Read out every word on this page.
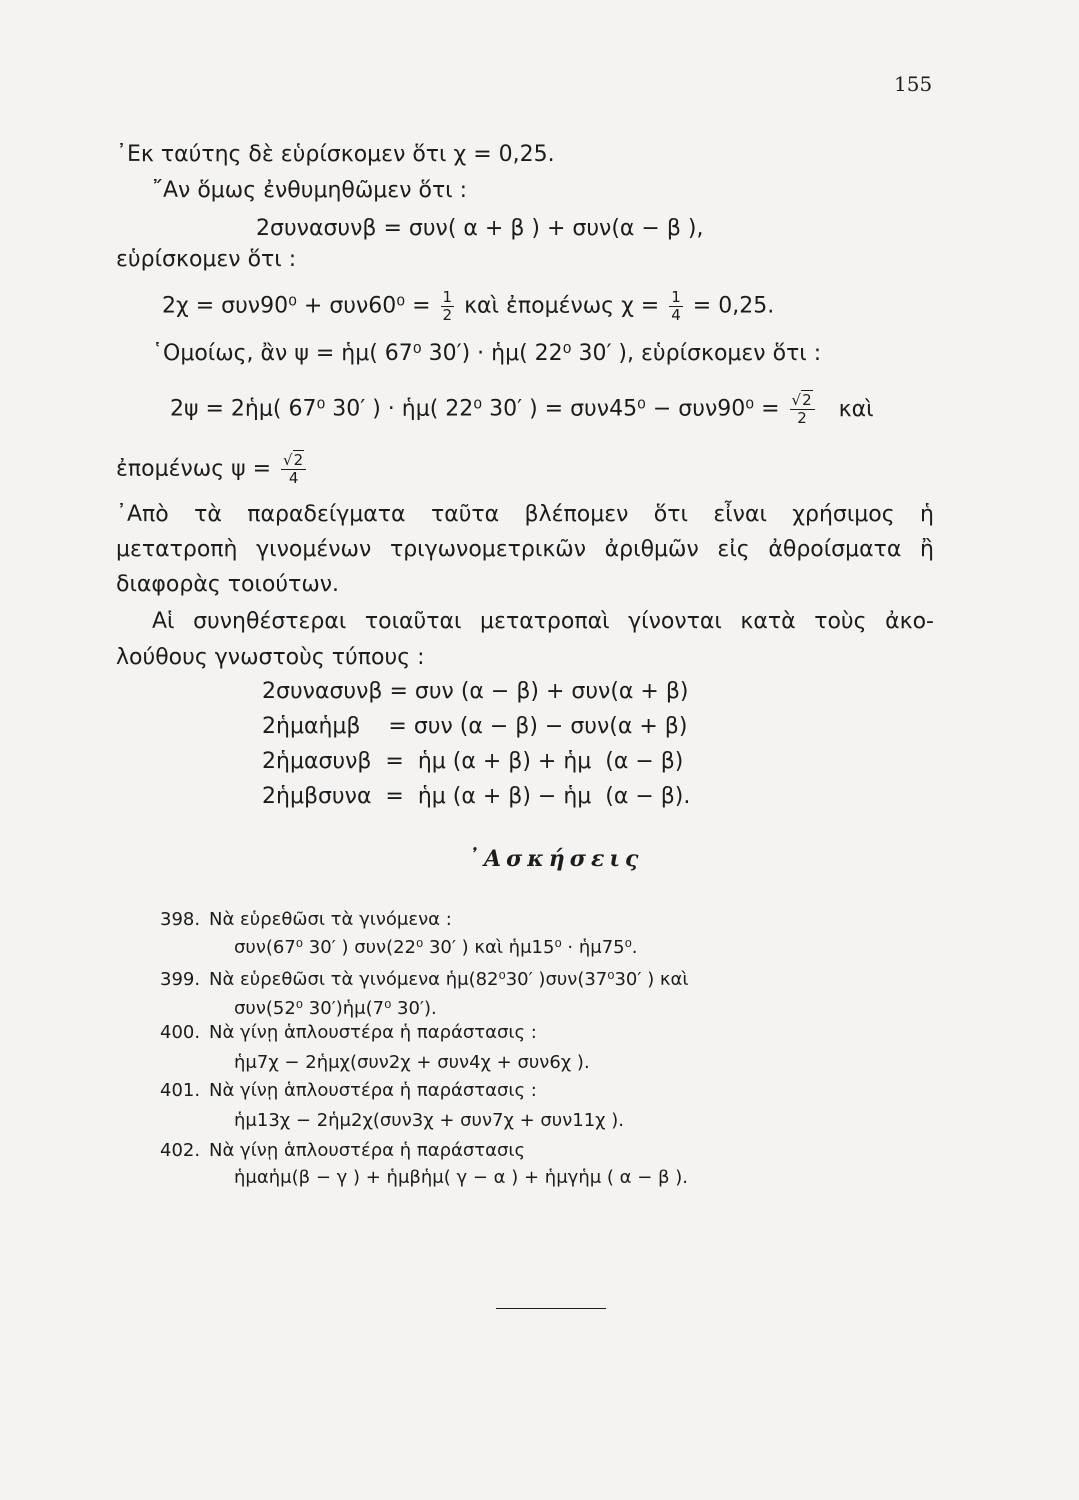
155
᾿Εκ ταύτης δὲ εὑρίσκομεν ὅτι χ = 0,25.
῎Αν ὅμως ἐνθυμηθῶμεν ὅτι :
2συνασυνβ = συν( α + β ) + συν(α − β ),
εὑρίσκομεν ὅτι :
$2\chi = \sigma\upsilon\nu 90^0 + \sigma\upsilon\nu 60^0 = \frac{1}{2}$ καὶ ἐπομένως $\chi = \frac{1}{4} = 0,25$.
῾Ομοίως, ἂν ψ = ἡμ( 67⁰ 30′) · ἡμ( 22⁰ 30′ ), εὑρίσκομεν ὅτι :
2ψ = 2ἡμ( 67⁰ 30′ ) · ἡμ( 22⁰ 30′ ) = $\sigma\upsilon\nu 45^0 - \sigma\upsilon\nu 90^0 = \frac{√2}{2}$ καὶ
ἐπομένως $\psi = \frac{√2}{4}$
᾿Απὸ τὰ παραδείγματα ταῦτα βλέπομεν ὅτι εἶναι χρήσιμος ἡ
μετατροπὴ γινομένων τριγωνομετρικῶν ἀριθμῶν εἰς ἀθροίσματα ἢ
διαφορὰς τοιούτων.
Αἱ συνηθέστεραι τοιαῦται μετατροπαὶ γίνονται κατὰ τοὺς ἀκο-
λούθους γνωστοὺς τύπους :
2συνασυνβ = συν (α − β) + συν(α + β)
2ἡμαἡμβ    = συν (α − β) − συν(α + β)
2ἡμασυνβ  =  ἡμ (α + β) + ἡμ  (α − β)
2ἡμβσυνα  =  ἡμ (α + β) − ἡμ  (α − β).
᾿Ασκήσεις
398. Νὰ εὑρεθῶσι τὰ γινόμενα :
συν(67⁰ 30′ ) συν(22⁰ 30′ ) καὶ ἡμ15⁰ · ἡμ75⁰.
399. Νὰ εὑρεθῶσι τὰ γινόμενα ἡμ(82⁰30′ )συν(37⁰30′ ) καὶ
συν(52⁰ 30′)ἡμ(7⁰ 30′).
400. Νὰ γίνῃ ἁπλουστέρα ἡ παράστασις :
ἡμ7χ − 2ἡμχ(συν2χ + συν4χ + συν6χ ).
401. Νὰ γίνῃ ἁπλουστέρα ἡ παράστασις :
ἡμ13χ − 2ἡμ2χ(συν3χ + συν7χ + συν11χ ).
402. Νὰ γίνῃ ἁπλουστέρα ἡ παράστασις
ἡμαἡμ(β − γ ) + ἡμβἡμ( γ − α ) + ἡμγἡμ ( α − β ).
